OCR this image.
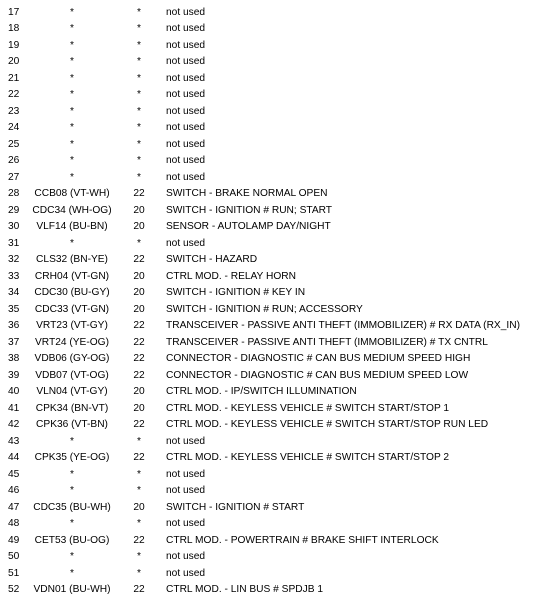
17	*	*	not used
18	*	*	not used
19	*	*	not used
20	*	*	not used
21	*	*	not used
22	*	*	not used
23	*	*	not used
24	*	*	not used
25	*	*	not used
26	*	*	not used
27	*	*	not used
28	CCB08 (VT-WH)	22	SWITCH - BRAKE NORMAL OPEN
29	CDC34 (WH-OG)	20	SWITCH - IGNITION # RUN; START
30	VLF14 (BU-BN)	20	SENSOR - AUTOLAMP DAY/NIGHT
31	*	*	not used
32	CLS32 (BN-YE)	22	SWITCH - HAZARD
33	CRH04 (VT-GN)	20	CTRL MOD. - RELAY HORN
34	CDC30 (BU-GY)	20	SWITCH - IGNITION # KEY IN
35	CDC33 (VT-GN)	20	SWITCH - IGNITION # RUN; ACCESSORY
36	VRT23 (VT-GY)	22	TRANSCEIVER - PASSIVE ANTI THEFT (IMMOBILIZER) # RX DATA (RX_IN)
37	VRT24 (YE-OG)	22	TRANSCEIVER - PASSIVE ANTI THEFT (IMMOBILIZER) # TX CNTRL
38	VDB06 (GY-OG)	22	CONNECTOR - DIAGNOSTIC # CAN BUS MEDIUM SPEED HIGH
39	VDB07 (VT-OG)	22	CONNECTOR - DIAGNOSTIC # CAN BUS MEDIUM SPEED LOW
40	VLN04 (VT-GY)	20	CTRL MOD. - IP/SWITCH ILLUMINATION
41	CPK34 (BN-VT)	20	CTRL MOD. - KEYLESS VEHICLE # SWITCH START/STOP 1
42	CPK36 (VT-BN)	22	CTRL MOD. - KEYLESS VEHICLE # SWITCH START/STOP RUN LED
43	*	*	not used
44	CPK35 (YE-OG)	22	CTRL MOD. - KEYLESS VEHICLE # SWITCH START/STOP 2
45	*	*	not used
46	*	*	not used
47	CDC35 (BU-WH)	20	SWITCH - IGNITION # START
48	*	*	not used
49	CET53 (BU-OG)	22	CTRL MOD. - POWERTRAIN # BRAKE SHIFT INTERLOCK
50	*	*	not used
51	*	*	not used
52	VDN01 (BU-WH)	22	CTRL MOD. - LIN BUS # SPDJB 1
